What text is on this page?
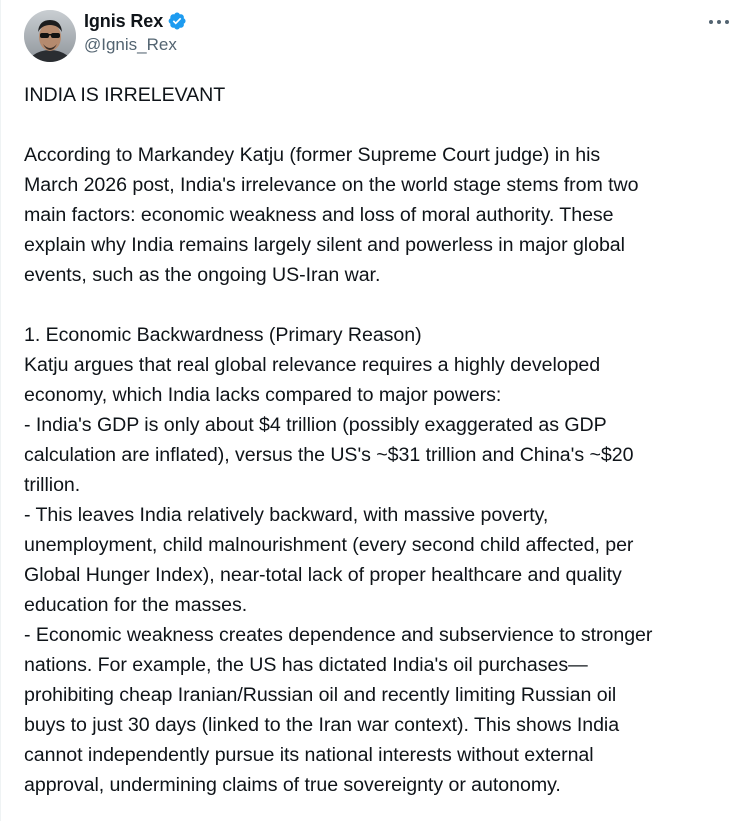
Ignis Rex
@Ignis_Rex
INDIA IS IRRELEVANT
According to Markandey Katju (former Supreme Court judge) in his
March 2026 post, India's irrelevance on the world stage stems from two
main factors: economic weakness and loss of moral authority. These
explain why India remains largely silent and powerless in major global
events, such as the ongoing US-Iran war.
1. Economic Backwardness (Primary Reason)
Katju argues that real global relevance requires a highly developed
economy, which India lacks compared to major powers:
- India's GDP is only about $4 trillion (possibly exaggerated as GDP
calculation are inflated), versus the US's ~$31 trillion and China's ~$20
trillion.
- This leaves India relatively backward, with massive poverty,
unemployment, child malnourishment (every second child affected, per
Global Hunger Index), near-total lack of proper healthcare and quality
education for the masses.
- Economic weakness creates dependence and subservience to stronger
nations. For example, the US has dictated India's oil purchases—
prohibiting cheap Iranian/Russian oil and recently limiting Russian oil
buys to just 30 days (linked to the Iran war context). This shows India
cannot independently pursue its national interests without external
approval, undermining claims of true sovereignty or autonomy.
